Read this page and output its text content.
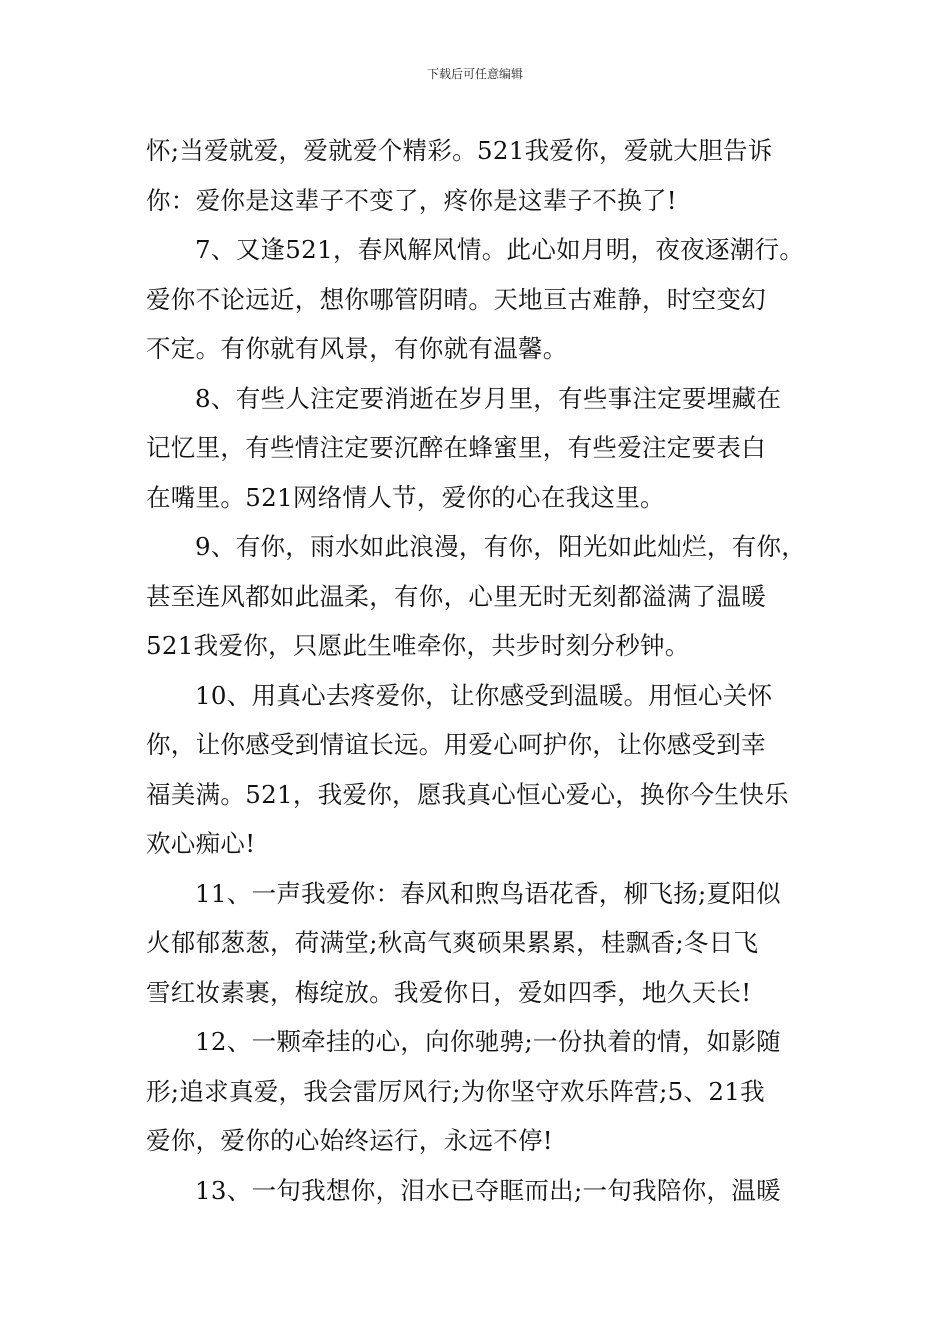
下载后可任意编辑
怀;当爱就爱，爱就爱个精彩。521我爱你，爱就大胆告诉
你：爱你是这辈子不变了，疼你是这辈子不换了!
7、又逢521，春风解风情。此心如月明，夜夜逐潮行。
爱你不论远近，想你哪管阴晴。天地亘古难静，时空变幻
不定。有你就有风景，有你就有温馨。
8、有些人注定要消逝在岁月里，有些事注定要埋藏在
记忆里，有些情注定要沉醉在蜂蜜里，有些爱注定要表白
在嘴里。521网络情人节，爱你的心在我这里。
9、有你，雨水如此浪漫，有你，阳光如此灿烂，有你，
甚至连风都如此温柔，有你，心里无时无刻都溢满了温暖
521我爱你，只愿此生唯牵你，共步时刻分秒钟。
10、用真心去疼爱你，让你感受到温暖。用恒心关怀
你，让你感受到情谊长远。用爱心呵护你，让你感受到幸
福美满。521，我爱你，愿我真心恒心爱心，换你今生快乐
欢心痴心!
11、一声我爱你：春风和煦鸟语花香，柳飞扬;夏阳似
火郁郁葱葱，荷满堂;秋高气爽硕果累累，桂飘香;冬日飞
雪红妆素裹，梅绽放。我爱你日，爱如四季，地久天长!
12、一颗牵挂的心，向你驰骋;一份执着的情，如影随
形;追求真爱，我会雷厉风行;为你坚守欢乐阵营;5、21我
爱你，爱你的心始终运行，永远不停!
13、一句我想你，泪水已夺眶而出;一句我陪你，温暖
